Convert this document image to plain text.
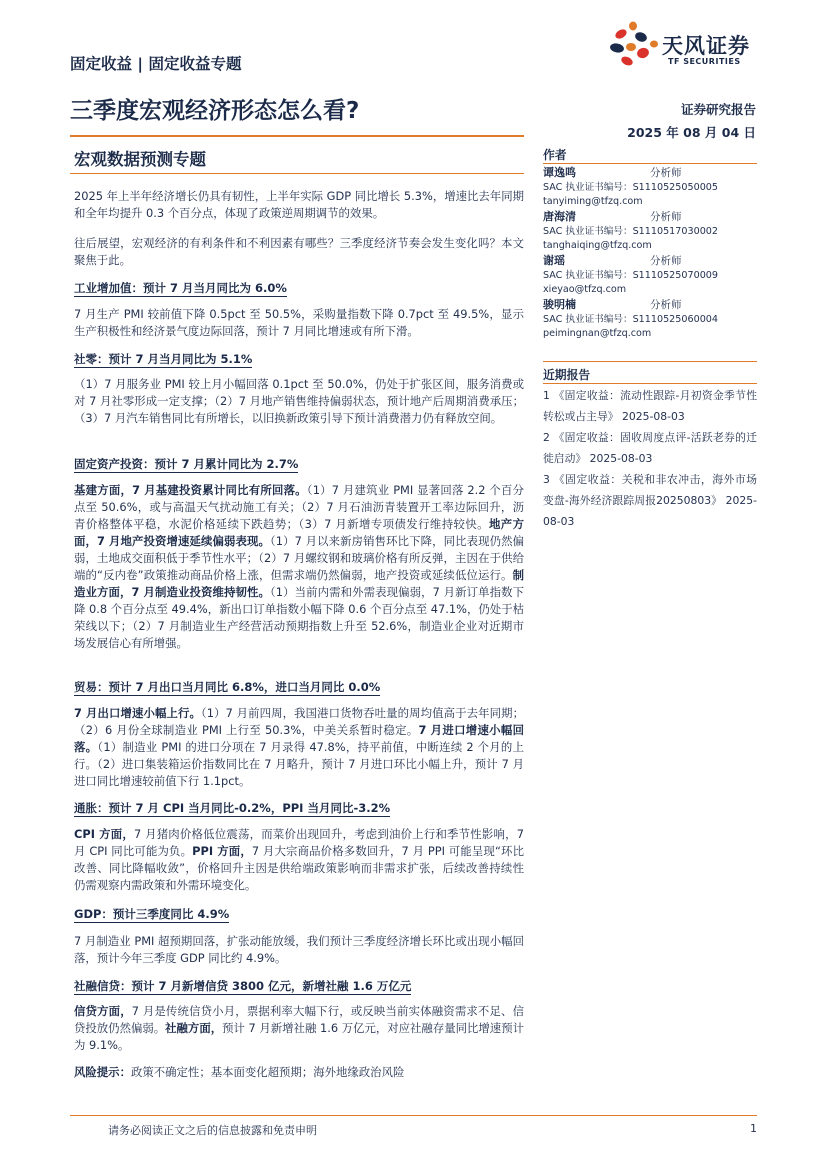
固定收益 | 固定收益专题
天风证券
TF SECURITIES
三季度宏观经济形态怎么看?	证券研究报告
2025 年 08 月 04 日
宏观数据预测专题

2025 年上半年经济增长仍具有韧性，上半年实际 GDP 同比增长 5.3%，增速比去年同期和全年均提升 0.3 个百分点，体现了政策逆周期调节的效果。

往后展望，宏观经济的有利条件和不利因素有哪些？三季度经济节奏会发生变化吗？本文聚焦于此。

工业增加值：预计 7 月当月同比为 6.0%

7 月生产 PMI 较前值下降 0.5pct 至 50.5%，采购量指数下降 0.7pct 至 49.5%，显示生产积极性和经济景气度边际回落，预计 7 月同比增速或有所下滑。

社零：预计 7 月当月同比为 5.1%

（1）7 月服务业 PMI 较上月小幅回落 0.1pct 至 50.0%，仍处于扩张区间，服务消费或对 7 月社零形成一定支撑；（2）7 月地产销售维持偏弱状态，预计地产后周期消费承压；（3）7 月汽车销售同比有所增长，以旧换新政策引导下预计消费潜力仍有释放空间。

固定资产投资：预计 7 月累计同比为 2.7%

基建方面，7 月基建投资累计同比有所回落。（1）7 月建筑业 PMI 显著回落 2.2 个百分点至 50.6%，或与高温天气扰动施工有关；（2）7 月石油沥青装置开工率边际回升，沥青价格整体平稳，水泥价格延续下跌趋势；（3）7 月新增专项债发行维持较快。地产方面，7 月地产投资增速延续偏弱表现。（1）7 月以来新房销售环比下降，同比表现仍然偏弱，土地成交面积低于季节性水平；（2）7 月螺纹钢和玻璃价格有所反弹，主因在于供给端的“反内卷”政策推动商品价格上涨，但需求端仍然偏弱，地产投资或延续低位运行。制造业方面，7 月制造业投资维持韧性。（1）当前内需和外需表现偏弱，7 月新订单指数下降 0.8 个百分点至 49.4%，新出口订单指数小幅下降 0.6 个百分点至 47.1%，仍处于枯荣线以下；（2）7 月制造业生产经营活动预期指数上升至 52.6%，制造业企业对近期市场发展信心有所增强。

贸易：预计 7 月出口当月同比 6.8%，进口当月同比 0.0%

7 月出口增速小幅上行。（1）7 月前四周，我国港口货物吞吐量的周均值高于去年同期；（2）6 月份全球制造业 PMI 上行至 50.3%，中美关系暂时稳定。7 月进口增速小幅回落。（1）制造业 PMI 的进口分项在 7 月录得 47.8%，持平前值，中断连续 2 个月的上行。（2）进口集装箱运价指数同比在 7 月略升，预计 7 月进口环比小幅上升，预计 7 月进口同比增速较前值下行 1.1pct。

通胀：预计 7 月 CPI 当月同比-0.2%，PPI 当月同比-3.2%

CPI 方面，7 月猪肉价格低位震荡，而菜价出现回升，考虑到油价上行和季节性影响，7 月 CPI 同比可能为负。PPI 方面，7 月大宗商品价格多数回升，7 月 PPI 可能呈现“环比改善、同比降幅收敛”，价格回升主因是供给端政策影响而非需求扩张，后续改善持续性仍需观察内需政策和外需环境变化。

GDP：预计三季度同比 4.9%

7 月制造业 PMI 超预期回落，扩张动能放缓，我们预计三季度经济增长环比或出现小幅回落，预计今年三季度 GDP 同比约 4.9%。

社融信贷：预计 7 月新增信贷 3800 亿元，新增社融 1.6 万亿元

信贷方面，7 月是传统信贷小月，票据利率大幅下行，或反映当前实体融资需求不足、信贷投放仍然偏弱。社融方面，预计 7 月新增社融 1.6 万亿元，对应社融存量同比增速预计为 9.1%。

风险提示：政策不确定性；基本面变化超预期；海外地缘政治风险

作者
谭逸鸣	分析师
SAC 执业证书编号：S1110525050005
tanyiming@tfzq.com
唐海清	分析师
SAC 执业证书编号：S1110517030002
tanghaiqing@tfzq.com
谢瑶	分析师
SAC 执业证书编号：S1110525070009
xieyao@tfzq.com
骏明楠	分析师
SAC 执业证书编号：S1110525060004
peimingnan@tfzq.com
近期报告

1 《固定收益：流动性跟踪-月初资金季节性转松或占主导》 2025-08-03

2 《固定收益：固收周度点评-活跃老券的迁徙启动》 2025-08-03

3 《固定收益：关税和非农冲击，海外市场变盘-海外经济跟踪周报20250803》 2025-08-03

请务必阅读正文之后的信息披露和免责申明	1
